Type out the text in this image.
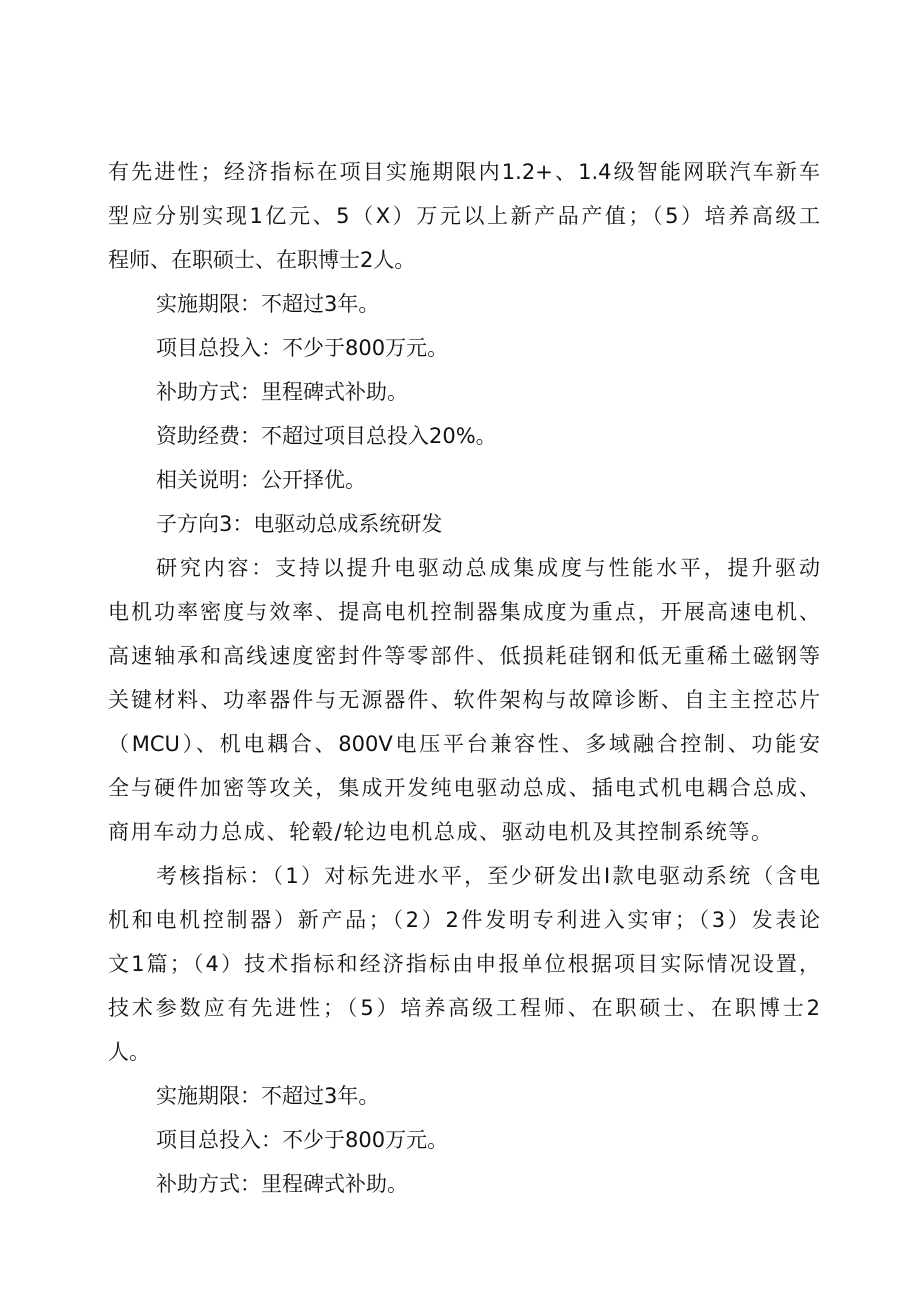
有先进性；经济指标在项目实施期限内1.2+、1.4级智能网联汽车新车
型应分别实现1亿元、5（X）万元以上新产品产值；（5）培养高级工
程师、在职硕士、在职博士2人。
实施期限：不超过3年。
项目总投入：不少于800万元。
补助方式：里程碑式补助。
资助经费：不超过项目总投入20%。
相关说明：公开择优。
子方向3：电驱动总成系统研发
研究内容：支持以提升电驱动总成集成度与性能水平，提升驱动
电机功率密度与效率、提高电机控制器集成度为重点，开展高速电机、
高速轴承和高线速度密封件等零部件、低损耗硅钢和低无重稀土磁钢等
关键材料、功率器件与无源器件、软件架构与故障诊断、自主主控芯片
（MCU）、机电耦合、800V电压平台兼容性、多域融合控制、功能安
全与硬件加密等攻关，集成开发纯电驱动总成、插电式机电耦合总成、
商用车动力总成、轮毂/轮边电机总成、驱动电机及其控制系统等。
考核指标：（1）对标先进水平，至少研发出I款电驱动系统（含电
机和电机控制器）新产品；（2）2件发明专利进入实审；（3）发表论
文1篇；（4）技术指标和经济指标由申报单位根据项目实际情况设置，
技术参数应有先进性；（5）培养高级工程师、在职硕士、在职博士2
人。
实施期限：不超过3年。
项目总投入：不少于800万元。
补助方式：里程碑式补助。
